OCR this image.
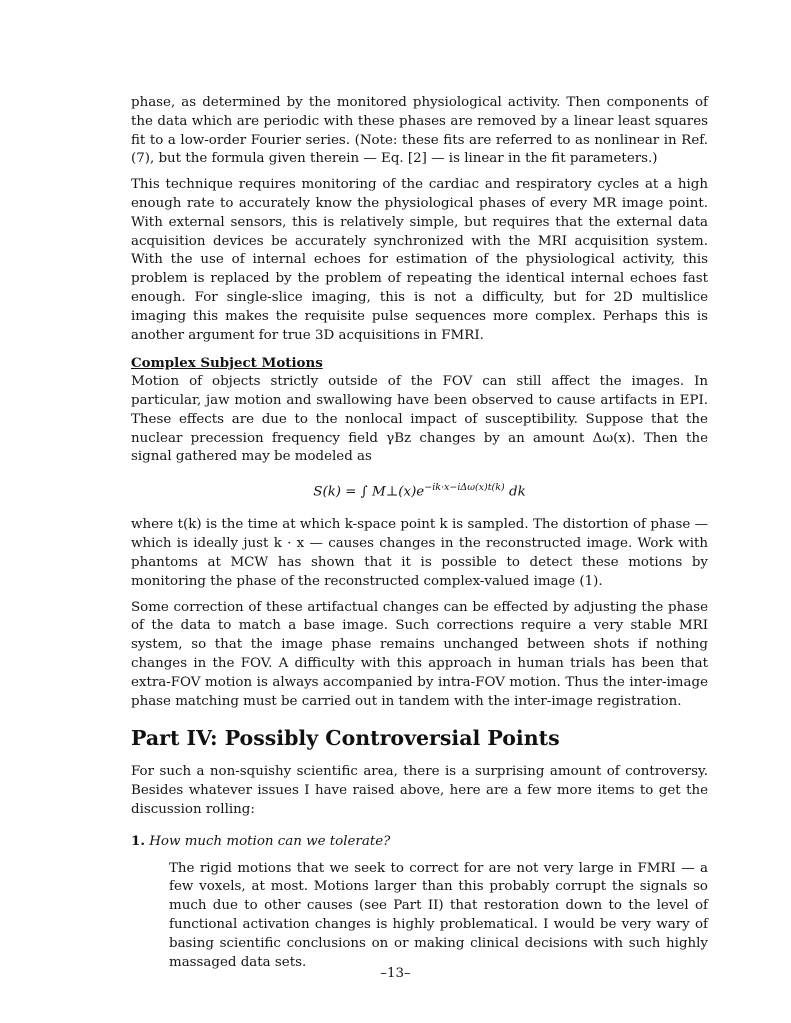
phase, as determined by the monitored physiological activity. Then components of the data which are periodic with these phases are removed by a linear least squares fit to a low-order Fourier series. (Note: these fits are referred to as nonlinear in Ref. (7), but the formula given therein — Eq. [2] — is linear in the fit parameters.)

This technique requires monitoring of the cardiac and respiratory cycles at a high enough rate to accurately know the physiological phases of every MR image point. With external sensors, this is relatively simple, but requires that the external data acquisition devices be accurately synchronized with the MRI acquisition system. With the use of internal echoes for estimation of the physiological activity, this problem is replaced by the problem of repeating the identical internal echoes fast enough. For single-slice imaging, this is not a difficulty, but for 2D multislice imaging this makes the requisite pulse sequences more complex. Perhaps this is another argument for true 3D acquisitions in FMRI.

Complex Subject Motions

Motion of objects strictly outside of the FOV can still affect the images. In particular, jaw motion and swallowing have been observed to cause artifacts in EPI. These effects are due to the nonlocal impact of susceptibility. Suppose that the nuclear precession frequency field γBz changes by an amount Δω(x). Then the signal gathered may be modeled as

S(k) = ∫ $M\perp(x)e^{-ik\cdot x-i\Delta\omega(x)t(k)}$ dk

where t(k) is the time at which k-space point k is sampled. The distortion of phase — which is ideally just k · x — causes changes in the reconstructed image. Work with phantoms at MCW has shown that it is possible to detect these motions by monitoring the phase of the reconstructed complex-valued image (1).

Some correction of these artifactual changes can be effected by adjusting the phase of the data to match a base image. Such corrections require a very stable MRI system, so that the image phase remains unchanged between shots if nothing changes in the FOV. A difficulty with this approach in human trials has been that extra-FOV motion is always accompanied by intra-FOV motion. Thus the inter-image phase matching must be carried out in tandem with the inter-image registration.

Part IV: Possibly Controversial Points

For such a non-squishy scientific area, there is a surprising amount of controversy. Besides whatever issues I have raised above, here are a few more items to get the discussion rolling:

1. How much motion can we tolerate?

The rigid motions that we seek to correct for are not very large in FMRI — a few voxels, at most. Motions larger than this probably corrupt the signals so much due to other causes (see Part II) that restoration down to the level of functional activation changes is highly problematical. I would be very wary of basing scientific conclusions on or making clinical decisions with such highly massaged data sets.

–13–
